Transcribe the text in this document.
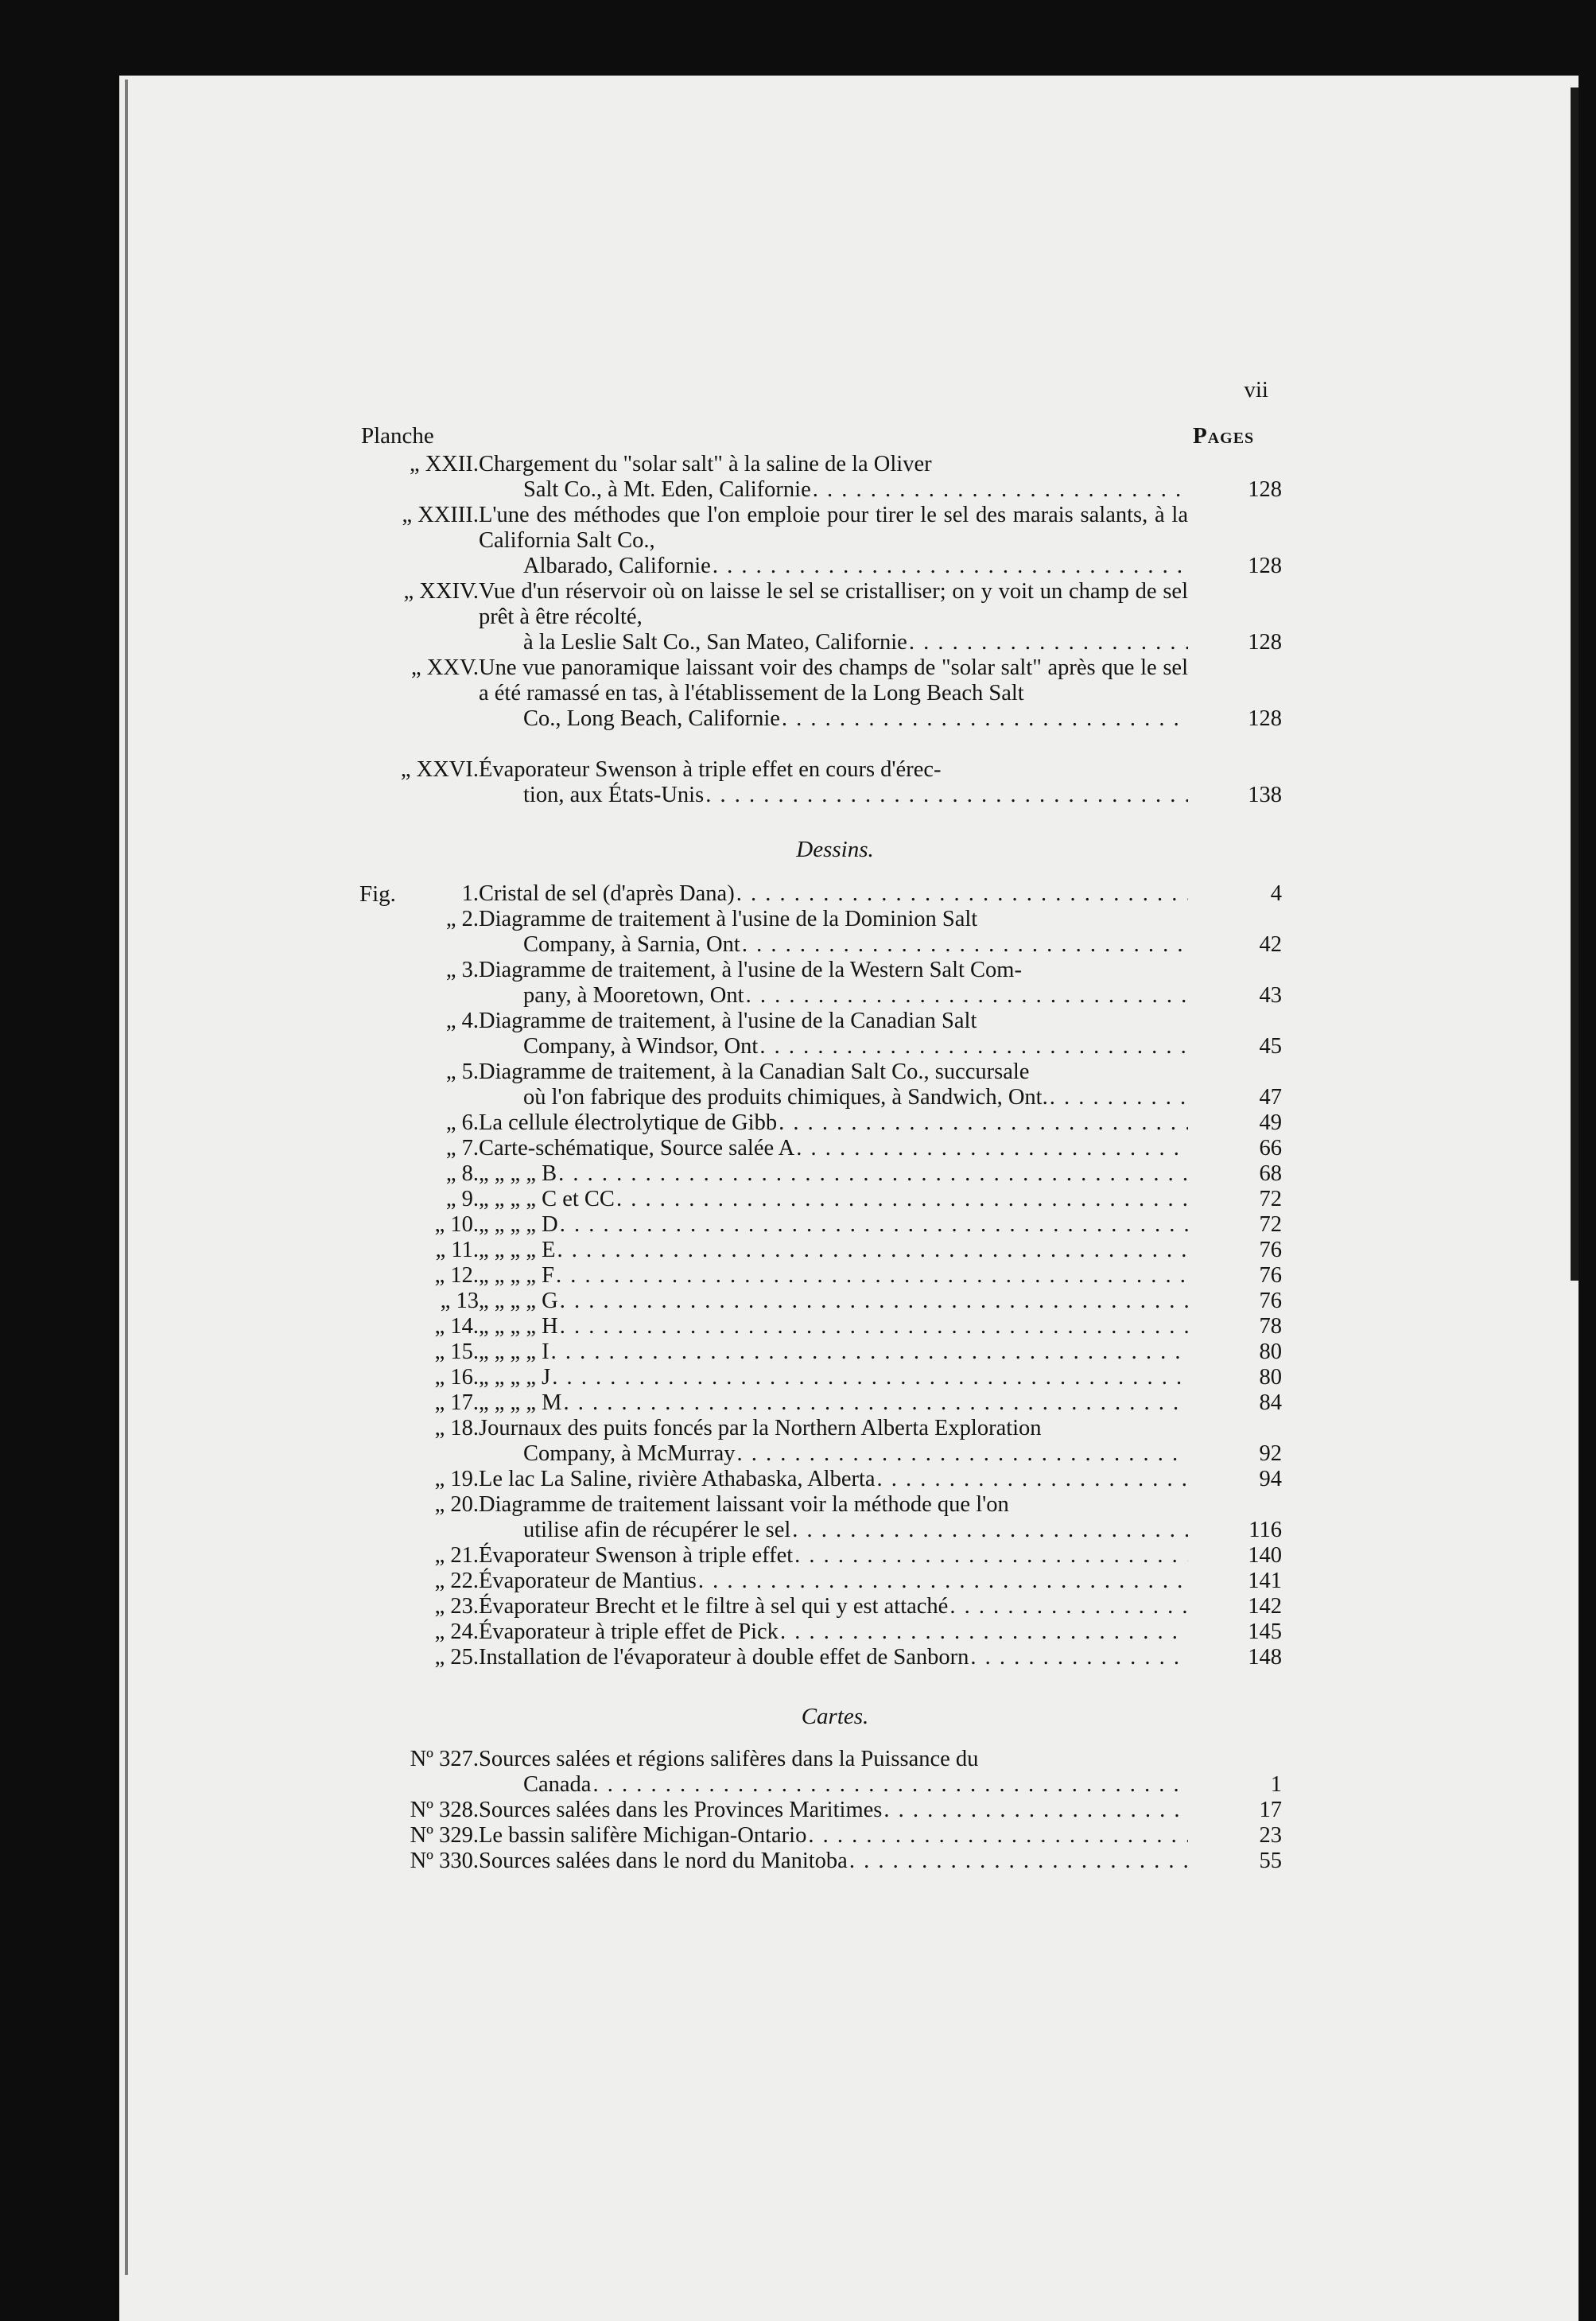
vii
Planche	Pages
„ XXII. Chargement du "solar salt" à la saline de la Oliver
Salt Co., à Mt. Eden, Californie . . .	128
„ XXIII. L'une des méthodes que l'on emploie pour tirer le sel des marais salants, à la California Salt Co.,
Albarado, Californie . . .	128
„ XXIV. Vue d'un réservoir où on laisse le sel se cristalliser; on y voit un champ de sel prêt à être récolté,
à la Leslie Salt Co., San Mateo, Californie . . .	128
„ XXV. Une vue panoramique laissant voir des champs de "solar salt" après que le sel a été ramassé en tas, à l'établissement de la Long Beach Salt
Co., Long Beach, Californie . . .	128
„ XXVI. Évaporateur Swenson à triple effet en cours d'érec-
tion, aux États-Unis . . .	138
Dessins.
Fig.	1. Cristal de sel (d'après Dana) . . .	4
„ 2. Diagramme de traitement à l'usine de la Dominion Salt
Company, à Sarnia, Ont . . .	42
„ 3. Diagramme de traitement, à l'usine de la Western Salt Com-
pany, à Mooretown, Ont . . .	43
„ 4. Diagramme de traitement, à l'usine de la Canadian Salt
Company, à Windsor, Ont . . .	45
„ 5. Diagramme de traitement, à la Canadian Salt Co., succursale
où l'on fabrique des produits chimiques, à Sandwich, Ont. . . .	47
„ 6. La cellule électrolytique de Gibb . . .	49
„ 7. Carte-schématique, Source salée A . . .	66
„ 8. „ „ „ „ B . . .	68
„ 9. „ „ „ „ C et CC . . .	72
„ 10. „ „ „ „ D . . .	72
„ 11. „ „ „ „ E . . .	76
„ 12. „ „ „ „ F . . .	76
„ 13 „ „ „ „ G . . .	76
„ 14. „ „ „ „ H . . .	78
„ 15. „ „ „ „ I . . .	80
„ 16. „ „ „ „ J . . .	80
„ 17. „ „ „ „ M . . .	84
„ 18. Journaux des puits foncés par la Northern Alberta Exploration
Company, à McMurray . . .	92
„ 19. Le lac La Saline, rivière Athabaska, Alberta . . .	94
„ 20. Diagramme de traitement laissant voir la méthode que l'on
utilise afin de récupérer le sel . . .	116
„ 21. Évaporateur Swenson à triple effet . . .	140
„ 22. Évaporateur de Mantius . . .	141
„ 23. Évaporateur Brecht et le filtre à sel qui y est attaché . . .	142
„ 24. Évaporateur à triple effet de Pick . . .	145
„ 25. Installation de l'évaporateur à double effet de Sanborn . . .	148
Cartes.
Nº 327. Sources salées et régions salifères dans la Puissance du
Canada . . .	1
Nº 328. Sources salées dans les Provinces Maritimes . . .	17
Nº 329. Le bassin salifère Michigan-Ontario . . .	23
Nº 330. Sources salées dans le nord du Manitoba . . .	55
